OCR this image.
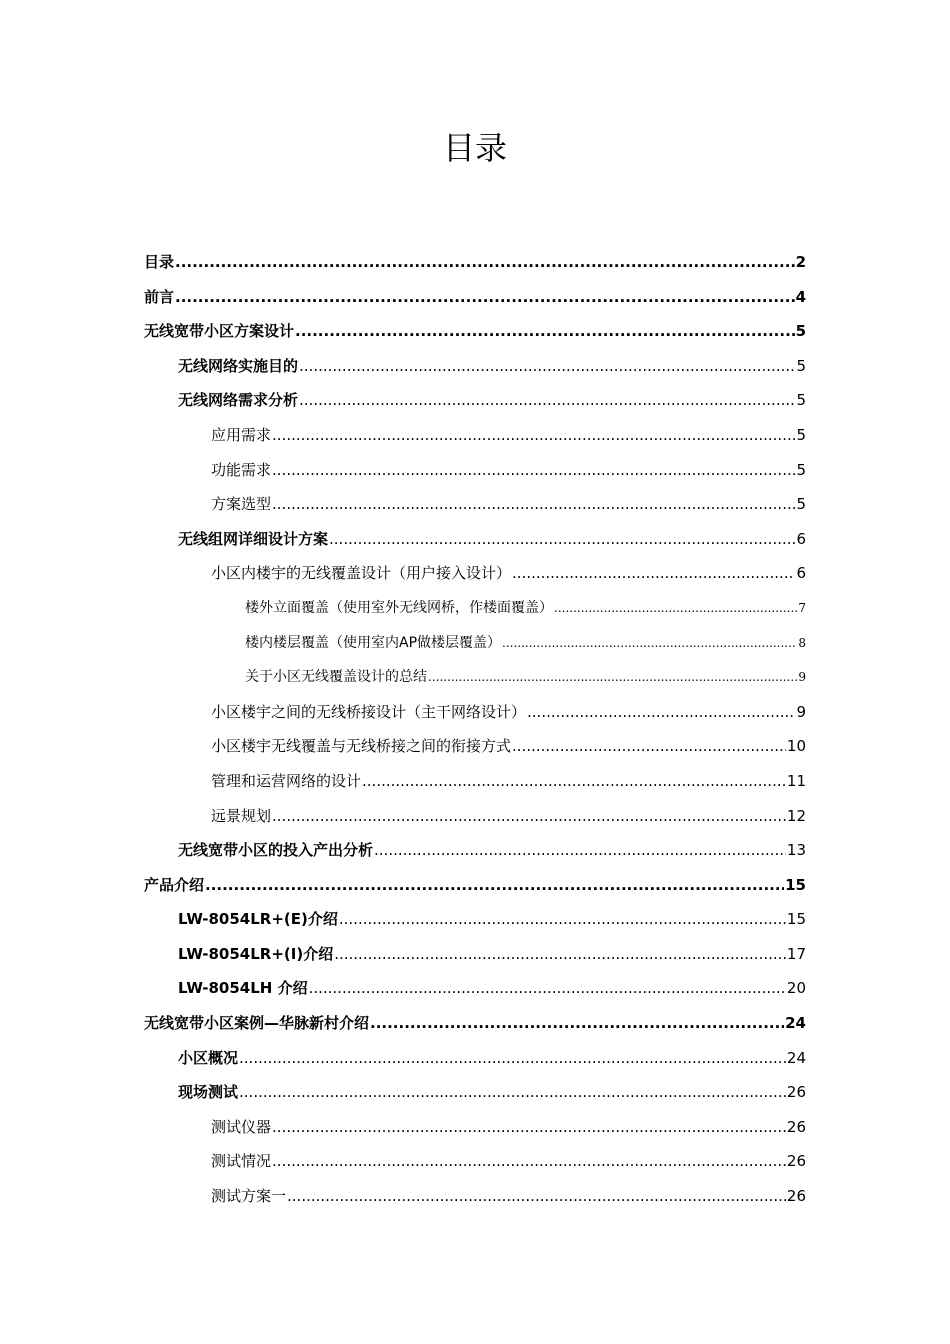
目录
目录 .....	2
前言 .....	4
无线宽带小区方案设计 .....	5
无线网络实施目的 .....	5
无线网络需求分析 .....	5
应用需求 .....	5
功能需求 .....	5
方案选型 .....	5
无线组网详细设计方案 .....	6
小区内楼宇的无线覆盖设计（用户接入设计） .....	6
楼外立面覆盖（使用室外无线网桥，作楼面覆盖） .....	7
楼内楼层覆盖（使用室内AP做楼层覆盖） .....	8
关于小区无线覆盖设计的总结 .....	9
小区楼宇之间的无线桥接设计（主干网络设计） .....	9
小区楼宇无线覆盖与无线桥接之间的衔接方式 .....	10
管理和运营网络的设计 .....	11
远景规划 .....	12
无线宽带小区的投入产出分析 .....	13
产品介绍 .....	15
LW-8054LR+(E)介绍 .....	15
LW-8054LR+(I)介绍 .....	17
LW-8054LH 介绍 .....	20
无线宽带小区案例—华脉新村介绍 .....	24
小区概况 .....	24
现场测试 .....	26
测试仪器 .....	26
测试情况 .....	26
测试方案一 .....	26
